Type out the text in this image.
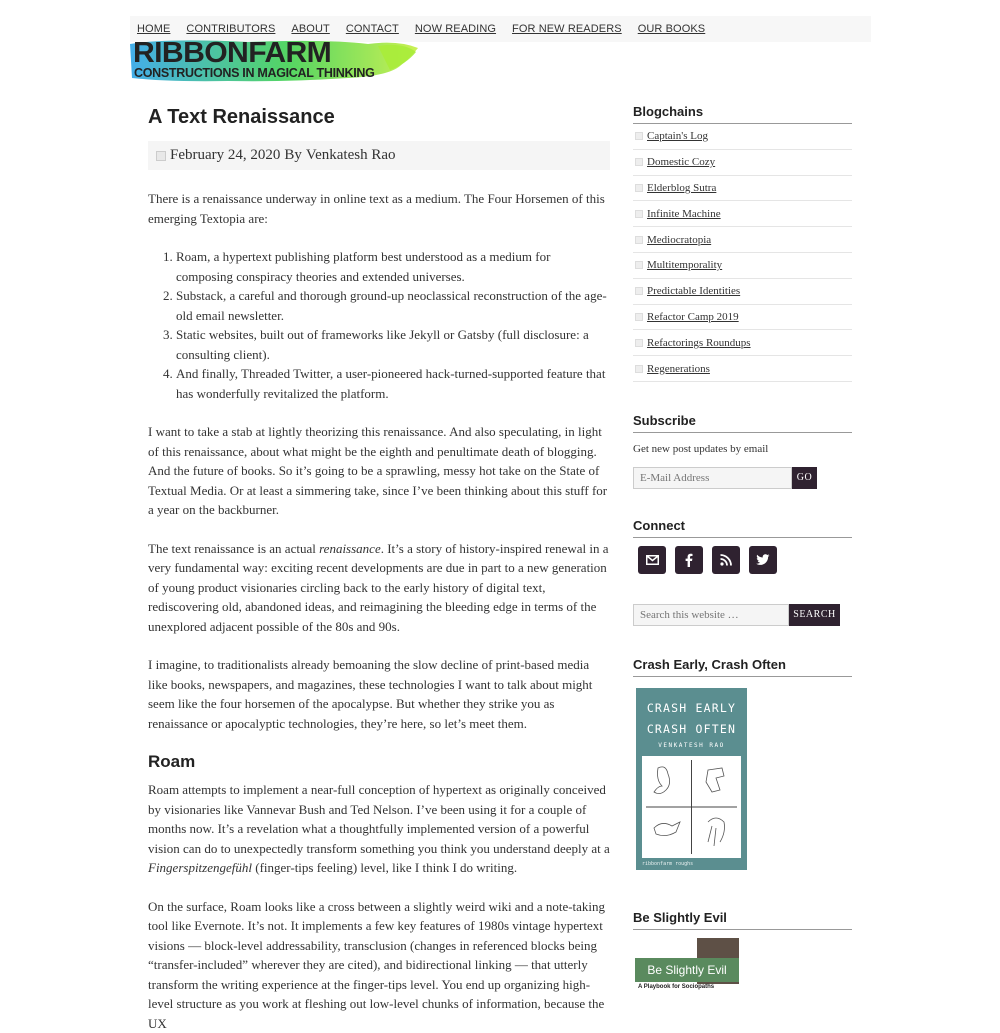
HOME CONTRIBUTORS ABOUT CONTACT NOW READING FOR NEW READERS OUR BOOKS
RIBBONFARM
CONSTRUCTIONS IN MAGICAL THINKING
A Text Renaissance
February 24, 2020 By Venkatesh Rao

There is a renaissance underway in online text as a medium. The Four Horsemen of this emerging Textopia are:

1. Roam, a hypertext publishing platform best understood as a medium for composing conspiracy theories and extended universes.
2. Substack, a careful and thorough ground-up neoclassical reconstruction of the age-old email newsletter.
3. Static websites, built out of frameworks like Jekyll or Gatsby (full disclosure: a consulting client).
4. And finally, Threaded Twitter, a user-pioneered hack-turned-supported feature that has wonderfully revitalized the platform.

I want to take a stab at lightly theorizing this renaissance. And also speculating, in light of this renaissance, about what might be the eighth and penultimate death of blogging. And the future of books. So it’s going to be a sprawling, messy hot take on the State of Textual Media. Or at least a simmering take, since I’ve been thinking about this stuff for a year on the backburner.

The text renaissance is an actual renaissance. It’s a story of history-inspired renewal in a very fundamental way: exciting recent developments are due in part to a new generation of young product visionaries circling back to the early history of digital text, rediscovering old, abandoned ideas, and reimagining the bleeding edge in terms of the unexplored adjacent possible of the 80s and 90s.

I imagine, to traditionalists already bemoaning the slow decline of print-based media like books, newspapers, and magazines, these technologies I want to talk about might seem like the four horsemen of the apocalypse. But whether they strike you as renaissance or apocalyptic technologies, they’re here, so let’s meet them.

Roam

Roam attempts to implement a near-full conception of hypertext as originally conceived by visionaries like Vannevar Bush and Ted Nelson. I’ve been using it for a couple of months now. It’s a revelation what a thoughtfully implemented version of a powerful vision can do to unexpectedly transform something you think you understand deeply at a Fingerspitzengefühl (finger-tips feeling) level, like I think I do writing.

On the surface, Roam looks like a cross between a slightly weird wiki and a note-taking tool like Evernote. It’s not. It implements a few key features of 1980s vintage hypertext visions — block-level addressability, transclusion (changes in referenced blocks being “transfer-included” wherever they are cited), and bidirectional linking — that utterly transform the writing experience at the finger-tips level. You end up organizing high-level structure as you work at fleshing out low-level chunks of information, because the UX

Blogchains
Captain's Log
Domestic Cozy
Elderblog Sutra
Infinite Machine
Mediocratopia
Multitemporality
Predictable Identities
Refactor Camp 2019
Refactorings Roundups
Regenerations
Subscribe
Get new post updates by email
E-Mail Address
GO
Connect
Search this website …
SEARCH
Crash Early, Crash Often
CRASH EARLY
CRASH OFTEN
VENKATESH RAO
ribbonfarm roughs
Be Slightly Evil
Be Slightly Evil
A Playbook for Sociopaths
